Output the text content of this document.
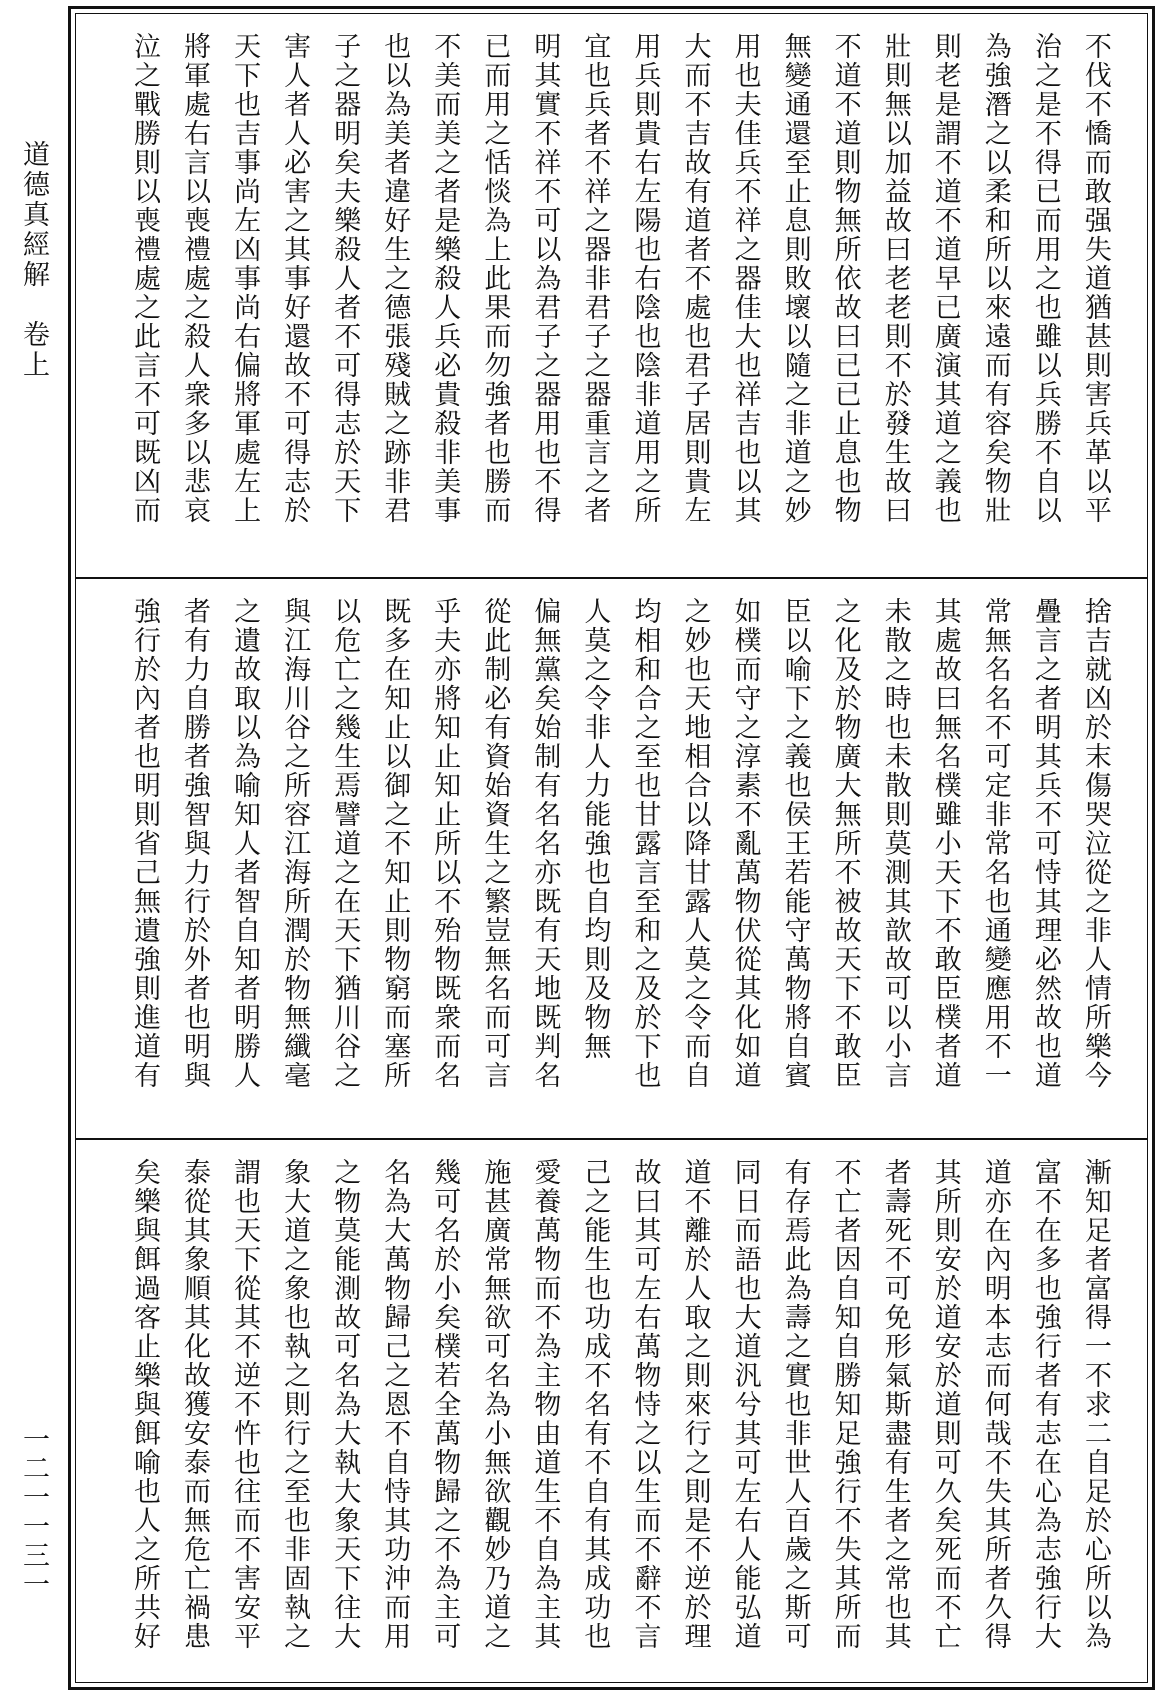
道德真經解　卷上
一二一一三一
不伐不憍而敢强失道猶甚則害兵革以平
治之是不得已而用之也雖以兵勝不自以
為強潛之以柔和所以來遠而有容矣物壯
則老是謂不道不道早已廣演其道之義也
壯則無以加益故曰老老則不於發生故曰
不道不道則物無所依故曰已已止息也物
無變通還至止息則敗壞以隨之非道之妙
用也夫佳兵不祥之器佳大也祥吉也以其
大而不吉故有道者不處也君子居則貴左
用兵則貴右左陽也右陰也陰非道用之所
宜也兵者不祥之器非君子之器重言之者
明其實不祥不可以為君子之器用也不得
已而用之恬惔為上此果而勿強者也勝而
不美而美之者是樂殺人兵必貴殺非美事
也以為美者違好生之德張殘賊之跡非君
子之器明矣夫樂殺人者不可得志於天下
害人者人必害之其事好還故不可得志於
天下也吉事尚左凶事尚右偏將軍處左上
將軍處右言以喪禮處之殺人衆多以悲哀
泣之戰勝則以喪禮處之此言不可既凶而
捨吉就凶於末傷哭泣從之非人情所樂今
疊言之者明其兵不可恃其理必然故也道
常無名名不可定非常名也通變應用不一
其處故曰無名樸雖小天下不敢臣樸者道
未散之時也未散則莫測其歆故可以小言
之化及於物廣大無所不被故天下不敢臣
臣以喻下之義也侯王若能守萬物將自賓
如樸而守之淳素不亂萬物伏從其化如道
之妙也天地相合以降甘露人莫之令而自
均相和合之至也甘露言至和之及於下也
人莫之令非人力能強也自均則及物無
偏無黨矣始制有名名亦既有天地既判名
從此制必有資始資生之繁豈無名而可言
乎夫亦將知止知止所以不殆物既衆而名
既多在知止以御之不知止則物窮而塞所
以危亡之幾生焉譬道之在天下猶川谷之
與江海川谷之所容江海所潤於物無纖毫
之遺故取以為喻知人者智自知者明勝人
者有力自勝者強智與力行於外者也明與
強行於內者也明則省己無遺強則進道有
漸知足者富得一不求二自足於心所以為
富不在多也強行者有志在心為志強行大
道亦在內明本志而何哉不失其所者久得
其所則安於道安於道則可久矣死而不亡
者壽死不可免形氣斯盡有生者之常也其
不亡者因自知自勝知足強行不失其所而
有存焉此為壽之實也非世人百歲之斯可
同日而語也大道汎兮其可左右人能弘道
道不離於人取之則來行之則是不逆於理
故曰其可左右萬物恃之以生而不辭不言
己之能生也功成不名有不自有其成功也
愛養萬物而不為主物由道生不自為主其
施甚廣常無欲可名為小無欲觀妙乃道之
幾可名於小矣樸若全萬物歸之不為主可
名為大萬物歸己之恩不自恃其功沖而用
之物莫能測故可名為大執大象天下往大
象大道之象也執之則行之至也非固執之
謂也天下從其不逆不忤也往而不害安平
泰從其象順其化故獲安泰而無危亡禍患
矣樂與餌過客止樂與餌喻也人之所共好
